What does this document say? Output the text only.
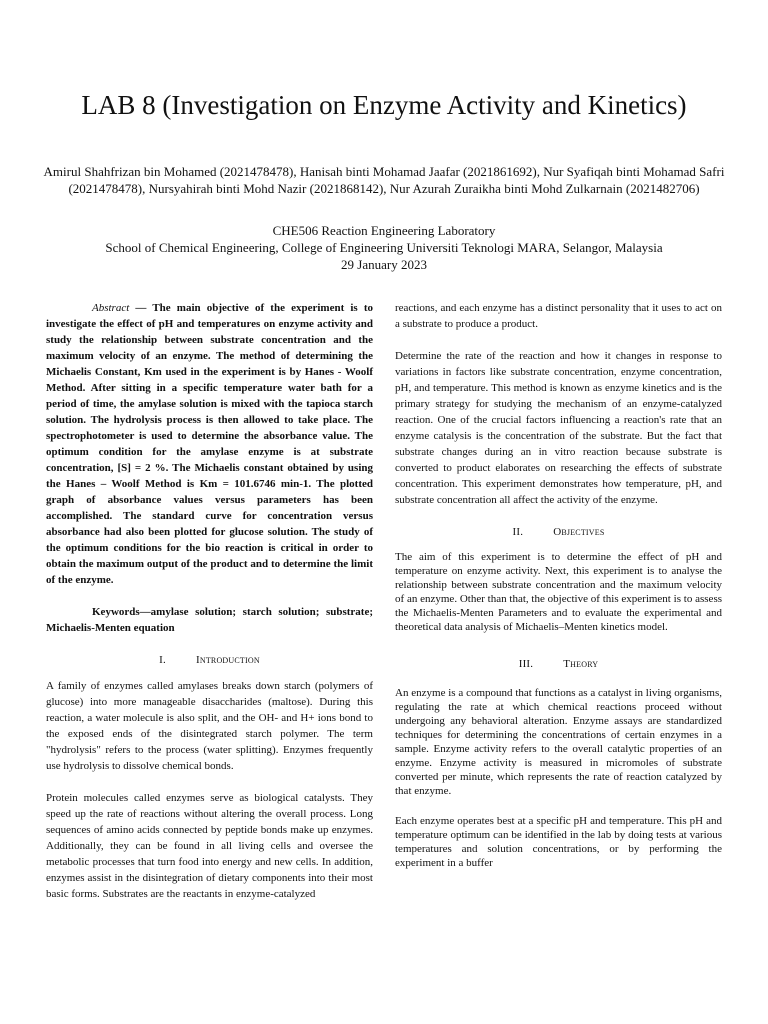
LAB 8 (Investigation on Enzyme Activity and Kinetics)
Amirul Shahfrizan bin Mohamed (2021478478), Hanisah binti Mohamad Jaafar (2021861692), Nur Syafiqah binti Mohamad Safri (2021478478), Nursyahirah binti Mohd Nazir (2021868142), Nur Azurah Zuraikha binti Mohd Zulkarnain (2021482706)
CHE506 Reaction Engineering Laboratory
School of Chemical Engineering, College of Engineering Universiti Teknologi MARA, Selangor, Malaysia
29 January 2023

Abstract — The main objective of the experiment is to investigate the effect of pH and temperatures on enzyme activity and study the relationship between substrate concentration and the maximum velocity of an enzyme. The method of determining the Michaelis Constant, Km used in the experiment is by Hanes - Woolf Method. After sitting in a specific temperature water bath for a period of time, the amylase solution is mixed with the tapioca starch solution. The hydrolysis process is then allowed to take place. The spectrophotometer is used to determine the absorbance value. The optimum condition for the amylase enzyme is at substrate concentration, [S] = 2 %. The Michaelis constant obtained by using the Hanes – Woolf Method is Km = 101.6746 min-1. The plotted graph of absorbance values versus parameters has been accomplished. The standard curve for concentration versus absorbance had also been plotted for glucose solution. The study of the optimum conditions for the bio reaction is critical in order to obtain the maximum output of the product and to determine the limit of the enzyme.

Keywords—amylase solution; starch solution; substrate; Michaelis-Menten equation

I.	Introduction

A family of enzymes called amylases breaks down starch (polymers of glucose) into more manageable disaccharides (maltose). During this reaction, a water molecule is also split, and the OH- and H+ ions bond to the exposed ends of the disintegrated starch polymer. The term "hydrolysis" refers to the process (water splitting). Enzymes frequently use hydrolysis to dissolve chemical bonds.

Protein molecules called enzymes serve as biological catalysts. They speed up the rate of reactions without altering the overall process. Long sequences of amino acids connected by peptide bonds make up enzymes. Additionally, they can be found in all living cells and oversee the metabolic processes that turn food into energy and new cells. In addition, enzymes assist in the disintegration of dietary components into their most basic forms. Substrates are the reactants in enzyme-catalyzed

reactions, and each enzyme has a distinct personality that it uses to act on a substrate to produce a product.

Determine the rate of the reaction and how it changes in response to variations in factors like substrate concentration, enzyme concentration, pH, and temperature. This method is known as enzyme kinetics and is the primary strategy for studying the mechanism of an enzyme-catalyzed reaction. One of the crucial factors influencing a reaction's rate that an enzyme catalysis is the concentration of the substrate. But the fact that substrate changes during an in vitro reaction because substrate is converted to product elaborates on researching the effects of substrate concentration. This experiment demonstrates how temperature, pH, and substrate concentration all affect the activity of the enzyme.

II.	Objectives

The aim of this experiment is to determine the effect of pH and temperature on enzyme activity. Next, this experiment is to analyse the relationship between substrate concentration and the maximum velocity of an enzyme. Other than that, the objective of this experiment is to assess the Michaelis-Menten Parameters and to evaluate the experimental and theoretical data analysis of Michaelis–Menten kinetics model.

III.	Theory

An enzyme is a compound that functions as a catalyst in living organisms, regulating the rate at which chemical reactions proceed without undergoing any behavioral alteration. Enzyme assays are standardized techniques for determining the concentrations of certain enzymes in a sample. Enzyme activity refers to the overall catalytic properties of an enzyme. Enzyme activity is measured in micromoles of substrate converted per minute, which represents the rate of reaction catalyzed by that enzyme.

Each enzyme operates best at a specific pH and temperature. This pH and temperature optimum can be identified in the lab by doing tests at various temperatures and solution concentrations, or by performing the experiment in a buffer
